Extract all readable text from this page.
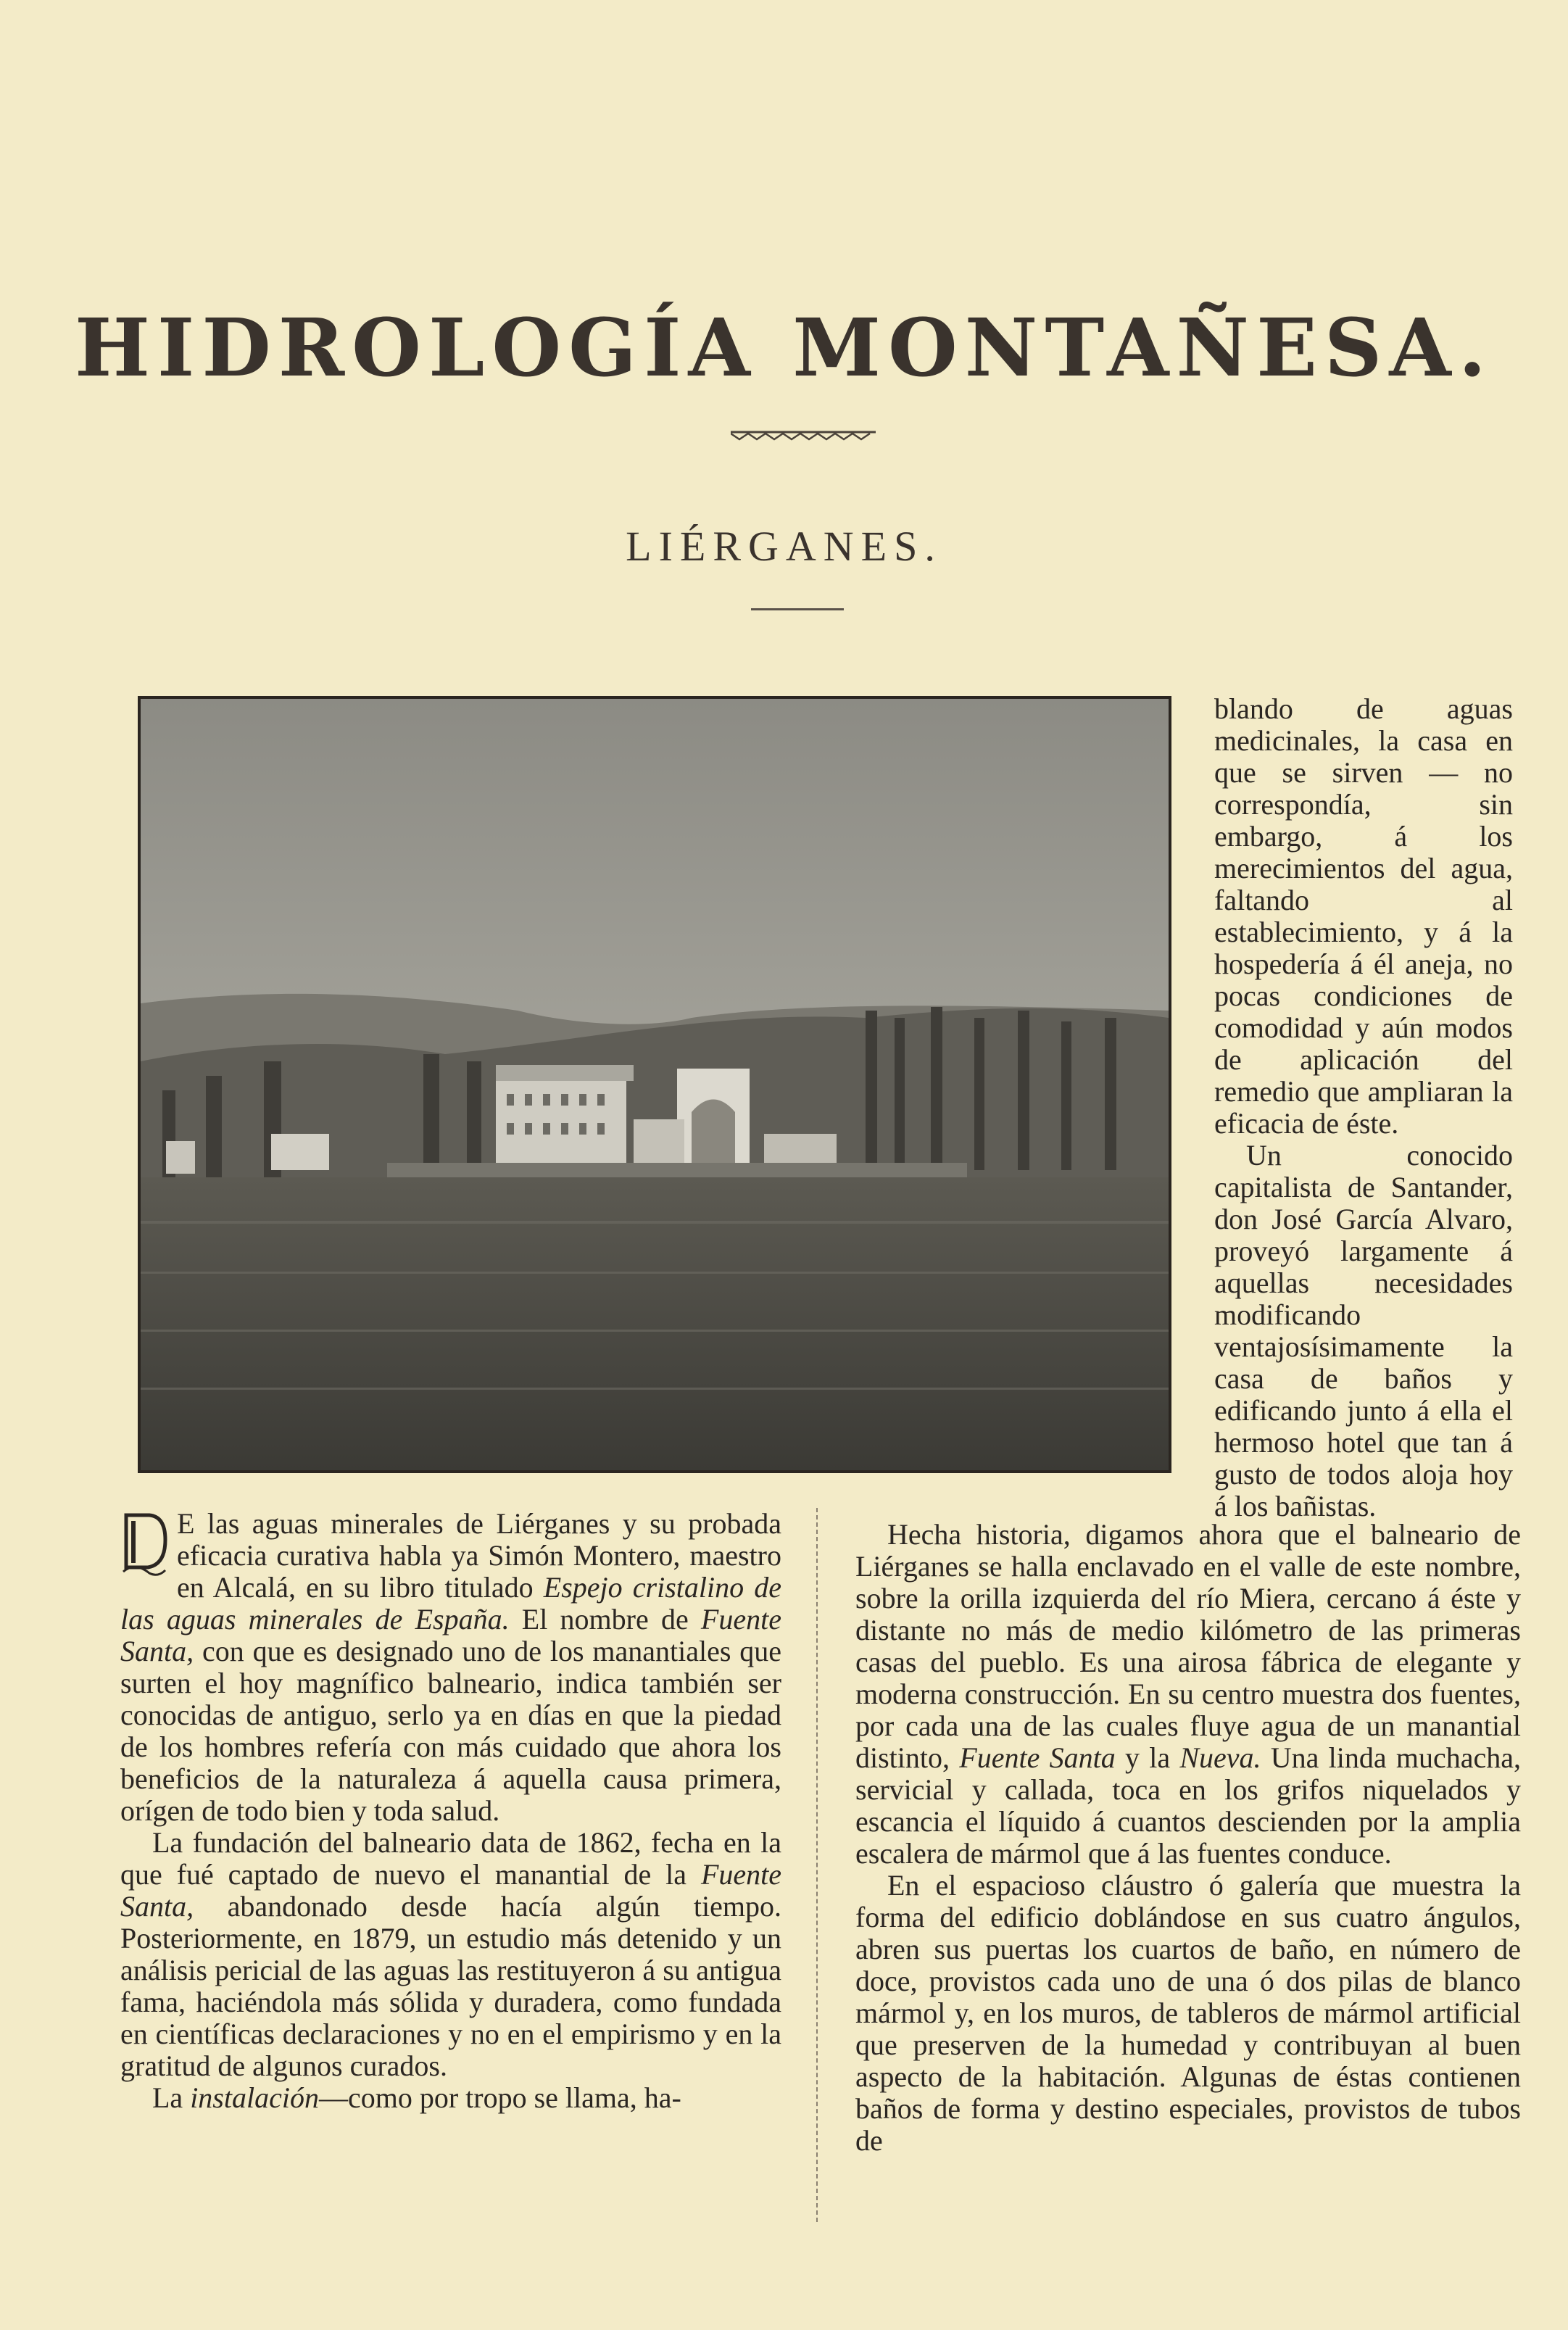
HIDROLOGÍA MONTAÑESA.
LIÉRGANES.

blando de aguas medicinales, la casa en que se sirven — no correspondía, sin embargo, á los merecimientos del agua, faltando al establecimiento, y á la hospedería á él aneja, no pocas condiciones de comodidad y aún modos de aplicación del remedio que ampliaran la eficacia de éste.

Un conocido capitalista de Santander, don José García Alvaro, proveyó largamente á aquellas necesidades modificando ventajosísimamente la casa de baños y edificando junto á ella el hermoso hotel que tan á gusto de todos aloja hoy á los bañistas.

E las aguas minerales de Liérganes y su probada eficacia curativa habla ya Simón Montero, maestro en Alcalá, en su libro titulado Espejo cristalino de las aguas minerales de España. El nombre de Fuente Santa, con que es designado uno de los manantiales que surten el hoy magnífico balneario, indica también ser conocidas de antiguo, serlo ya en días en que la piedad de los hombres refería con más cuidado que ahora los beneficios de la naturaleza á aquella causa primera, orígen de todo bien y toda salud.

La fundación del balneario data de 1862, fecha en la que fué captado de nuevo el manantial de la Fuente Santa, abandonado desde hacía algún tiempo. Posteriormente, en 1879, un estudio más detenido y un análisis pericial de las aguas las restituyeron á su antigua fama, haciéndola más sólida y duradera, como fundada en científicas declaraciones y no en el empirismo y en la gratitud de algunos curados.

La instalación—como por tropo se llama, ha-

Hecha historia, digamos ahora que el balneario de Liérganes se halla enclavado en el valle de este nombre, sobre la orilla izquierda del río Miera, cercano á éste y distante no más de medio kilómetro de las primeras casas del pueblo. Es una airosa fábrica de elegante y moderna construcción. En su centro muestra dos fuentes, por cada una de las cuales fluye agua de un manantial distinto, Fuente Santa y la Nueva. Una linda muchacha, servicial y callada, toca en los grifos niquelados y escancia el líquido á cuantos descienden por la amplia escalera de mármol que á las fuentes conduce.

En el espacioso cláustro ó galería que muestra la forma del edificio doblándose en sus cuatro ángulos, abren sus puertas los cuartos de baño, en número de doce, provistos cada uno de una ó dos pilas de blanco mármol y, en los muros, de tableros de mármol artificial que preserven de la humedad y contribuyan al buen aspecto de la habitación. Algunas de éstas contienen baños de forma y destino especiales, provistos de tubos de
